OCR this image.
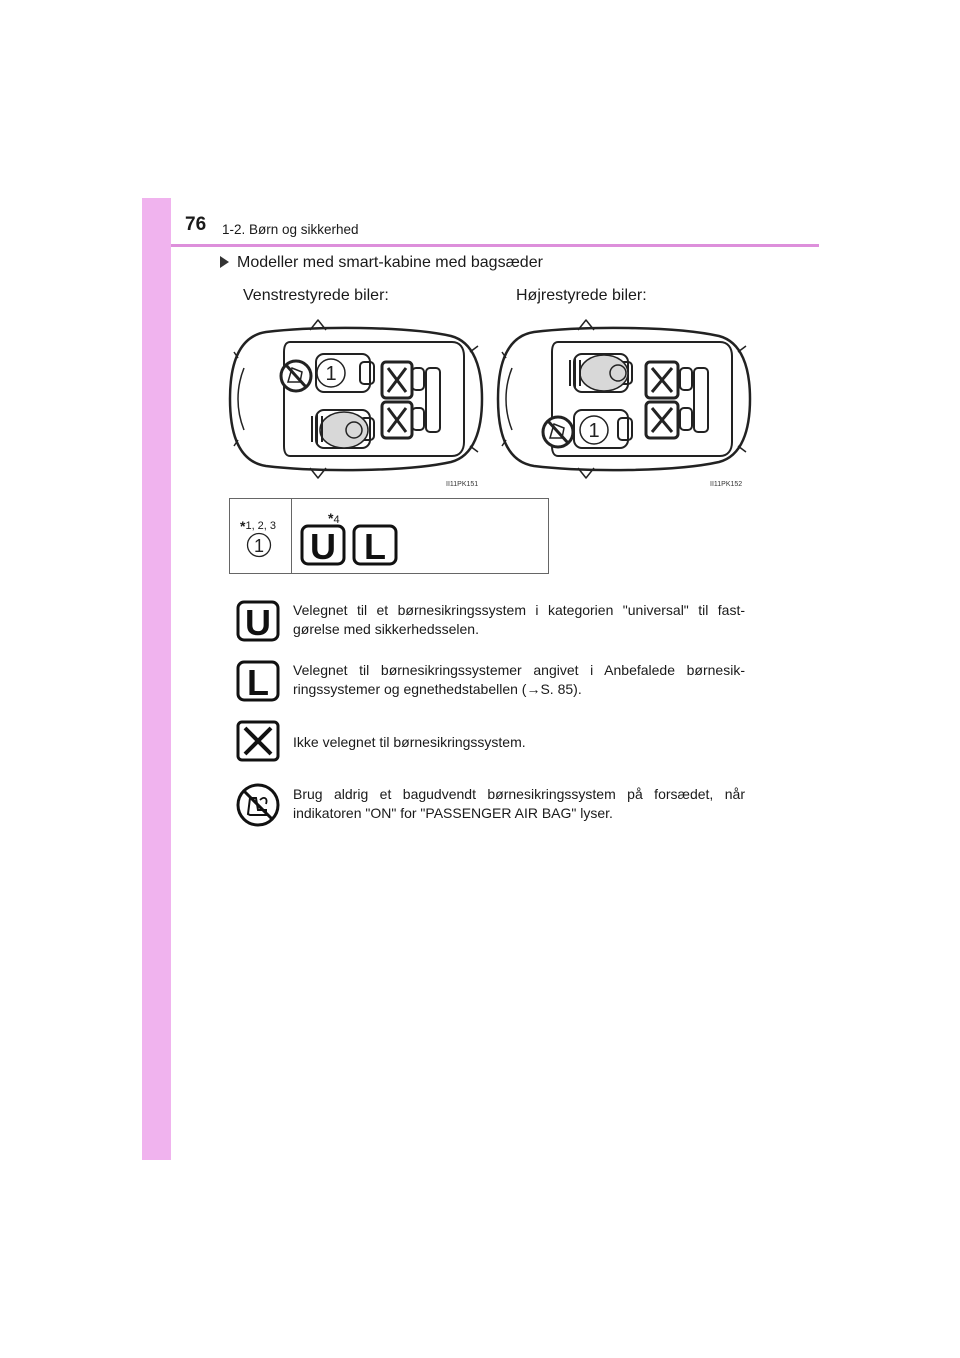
76 1-2. Børn og sikkerhed
Modeller med smart-kabine med bagsæder
Venstrestyrede biler:	Højrestyrede biler:
1
II11PK151
1
II11PK152
*1, 2, 3	*4
1 U L
U Velegnet til et børnesikringssystem i kategorien "universal" til fast-gørelse med sikkerhedsselen.
L Velegnet til børnesikringssystemer angivet i Anbefalede børnesik-ringssystemer og egnethedstabellen (→S. 85).
Ikke velegnet til børnesikringssystem.
Brug aldrig et bagudvendt børnesikringssystem på forsædet, når indikatoren "ON" for "PASSENGER AIR BAG" lyser.
